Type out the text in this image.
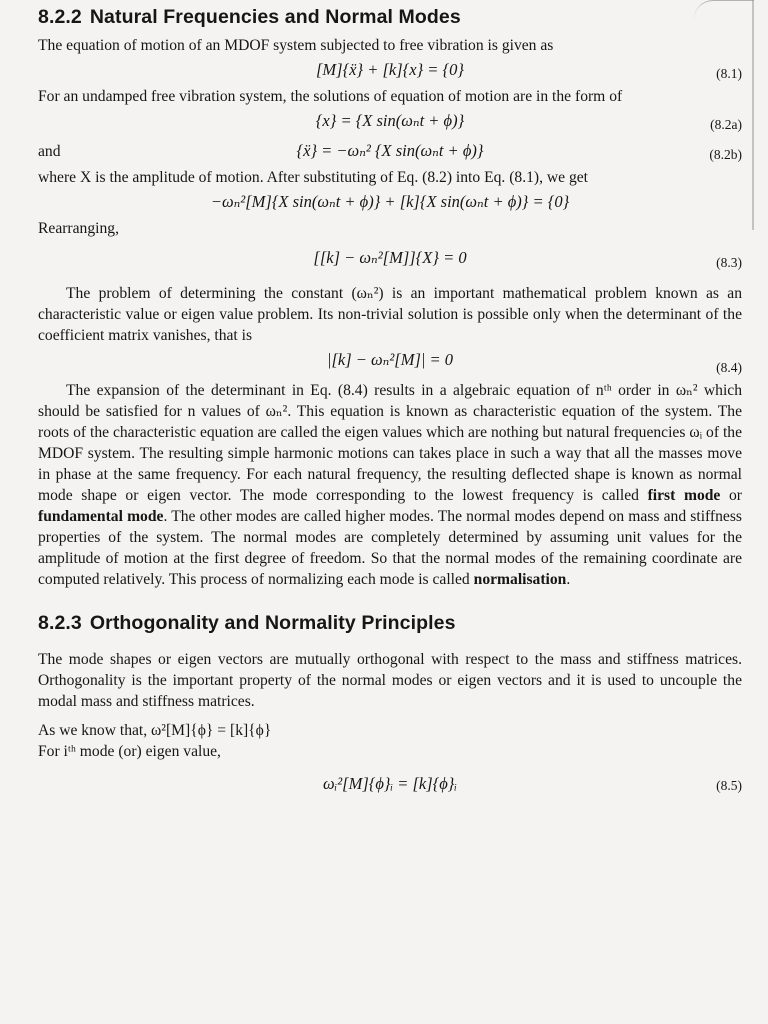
8.2.2 Natural Frequencies and Normal Modes

The equation of motion of an MDOF system subjected to free vibration is given as

[M]{ẍ} + [k]{x} = {0}	(8.1)

For an undamped free vibration system, the solutions of equation of motion are in the form of

{x} = {X sin(ωₙt + ϕ)}	(8.2a)
and	{ẍ} = −ωₙ² {X sin(ωₙt + ϕ)}	(8.2b)

where X is the amplitude of motion. After substituting of Eq. (8.2) into Eq. (8.1), we get

−ωₙ²[M]{X sin(ωₙt + ϕ)} + [k]{X sin(ωₙt + ϕ)} = {0}

Rearranging,

[[k] − ωₙ²[M]]{X} = 0	(8.3)

The problem of determining the constant (ωₙ²) is an important mathematical problem known as an characteristic value or eigen value problem. Its non-trivial solution is possible only when the determinant of the coefficient matrix vanishes, that is

|[k] − ωₙ²[M]| = 0	(8.4)

The expansion of the determinant in Eq. (8.4) results in a algebraic equation of nᵗʰ order in ωₙ² which should be satisfied for n values of ωₙ². This equation is known as characteristic equation of the system. The roots of the characteristic equation are called the eigen values which are nothing but natural frequencies ωᵢ of the MDOF system. The resulting simple harmonic motions can takes place in such a way that all the masses move in phase at the same frequency. For each natural frequency, the resulting deflected shape is known as normal mode shape or eigen vector. The mode corresponding to the lowest frequency is called first mode or fundamental mode. The other modes are called higher modes. The normal modes depend on mass and stiffness properties of the system. The normal modes are completely determined by assuming unit values for the amplitude of motion at the first degree of freedom. So that the normal modes of the remaining coordinate are computed relatively. This process of normalizing each mode is called normalisation.

8.2.3 Orthogonality and Normality Principles

The mode shapes or eigen vectors are mutually orthogonal with respect to the mass and stiffness matrices. Orthogonality is the important property of the normal modes or eigen vectors and it is used to uncouple the modal mass and stiffness matrices.

As we know that, ω²[M]{ϕ} = [k]{ϕ}

For iᵗʰ mode (or) eigen value,

ωᵢ²[M]{ϕ}ᵢ = [k]{ϕ}ᵢ	(8.5)
